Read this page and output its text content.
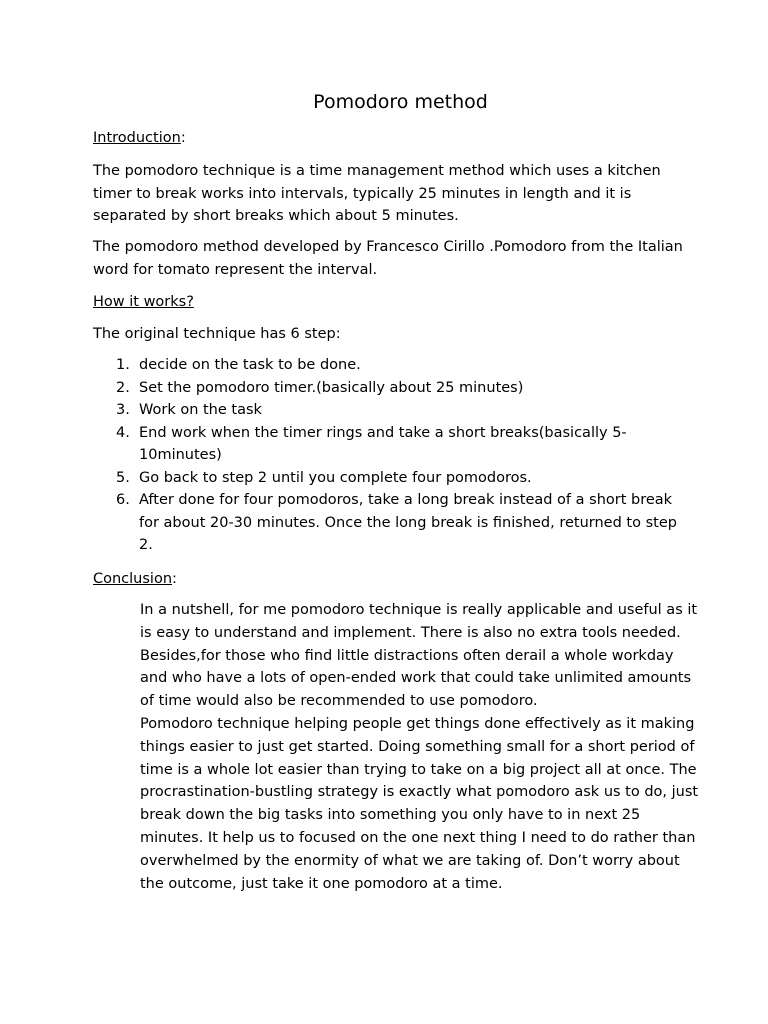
Pomodoro method
Introduction:

The pomodoro technique is a time management method which uses a kitchen timer to break works into intervals, typically 25 minutes in length and it is separated by short breaks which about 5 minutes.

The pomodoro method developed by Francesco Cirillo .Pomodoro from the Italian word for tomato represent the interval.

How it works?

The original technique has 6 step:

1. decide on the task to be done.
2. Set the pomodoro timer.(basically about 25 minutes)
3. Work on the task
4. End work when the timer rings and take a short breaks(basically 5-10minutes)
5. Go back to step 2 until you complete four pomodoros.
6. After done for four pomodoros, take a long break instead of a short break for about 20-30 minutes. Once the long break is finished, returned to step 2.
Conclusion:
In a nutshell, for me pomodoro technique is really applicable and useful as it is easy to understand and implement. There is also no extra tools needed. Besides,for those who find little distractions often derail a whole workday and who have a lots of open-ended work that could take unlimited amounts of time would also be recommended to use pomodoro.
Pomodoro technique helping people get things done effectively as it making things easier to just get started. Doing something small for a short period of time is a whole lot easier than trying to take on a big project all at once. The procrastination-bustling strategy is exactly what pomodoro ask us to do, just break down the big tasks into something you only have to in next 25 minutes. It help us to focused on the one next thing I need to do rather than overwhelmed by the enormity of what we are taking of. Don’t worry about the outcome, just take it one pomodoro at a time.
